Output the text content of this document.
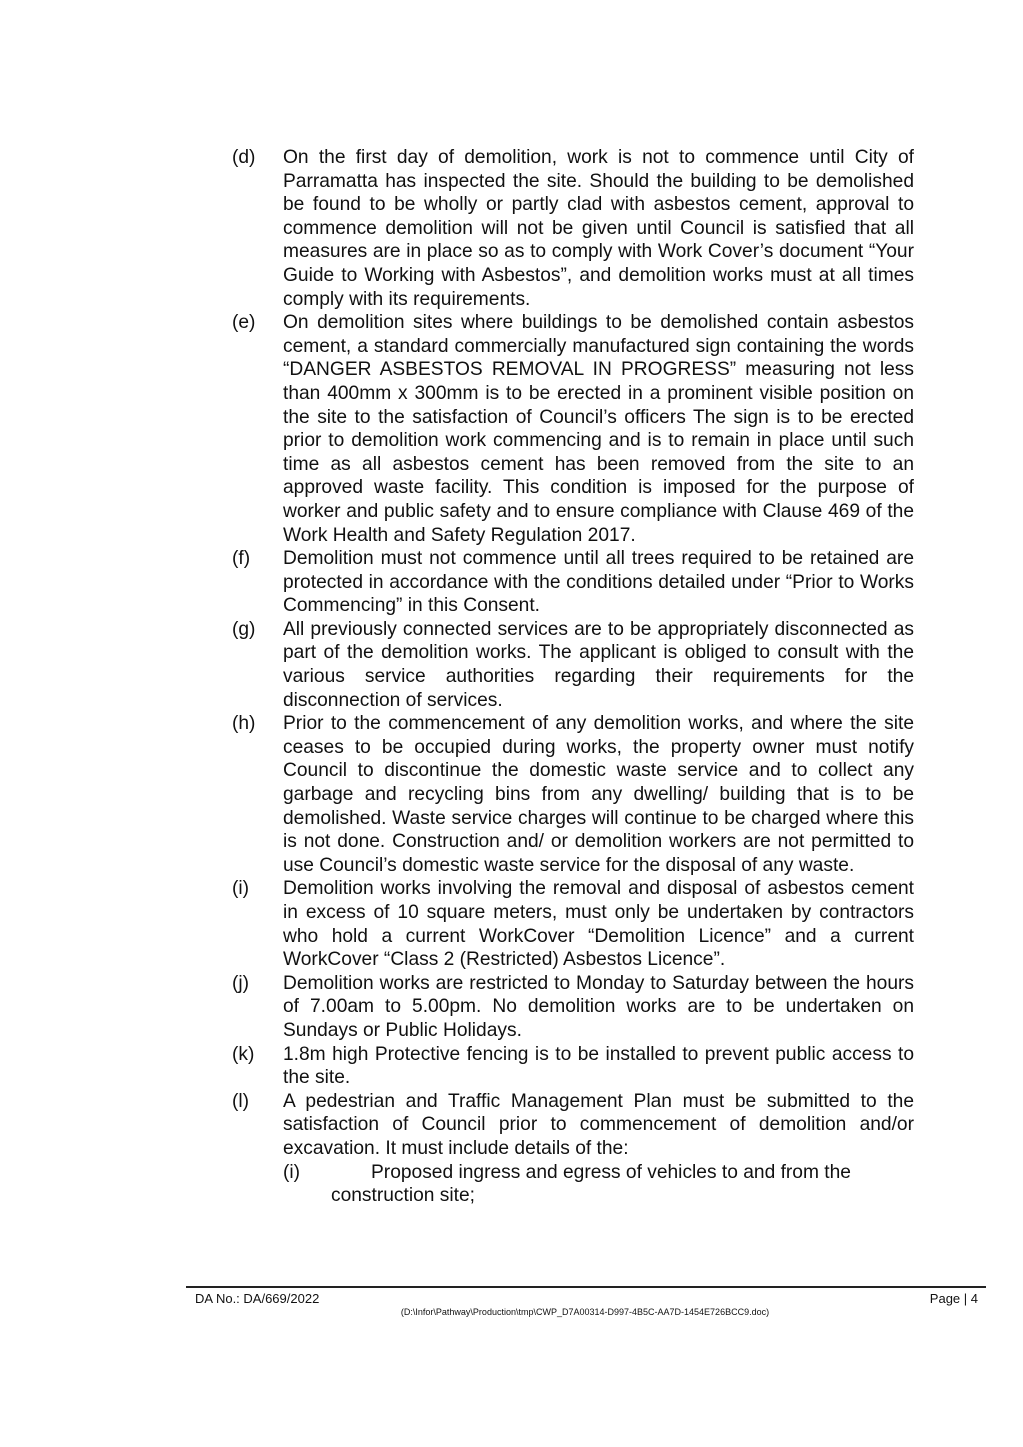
(d)	On the first day of demolition, work is not to commence until City of Parramatta has inspected the site. Should the building to be demolished be found to be wholly or partly clad with asbestos cement, approval to commence demolition will not be given until Council is satisfied that all measures are in place so as to comply with Work Cover’s document “Your Guide to Working with Asbestos”, and demolition works must at all times comply with its requirements.
(e)	On demolition sites where buildings to be demolished contain asbestos cement, a standard commercially manufactured sign containing the words “DANGER ASBESTOS REMOVAL IN PROGRESS” measuring not less than 400mm x 300mm is to be erected in a prominent visible position on the site to the satisfaction of Council’s officers The sign is to be erected prior to demolition work commencing and is to remain in place until such time as all asbestos cement has been removed from the site to an approved waste facility. This condition is imposed for the purpose of worker and public safety and to ensure compliance with Clause 469 of the Work Health and Safety Regulation 2017.
(f)	Demolition must not commence until all trees required to be retained are protected in accordance with the conditions detailed under “Prior to Works Commencing” in this Consent.
(g)	All previously connected services are to be appropriately disconnected as part of the demolition works. The applicant is obliged to consult with the various service authorities regarding their requirements for the disconnection of services.
(h)	Prior to the commencement of any demolition works, and where the site ceases to be occupied during works, the property owner must notify Council to discontinue the domestic waste service and to collect any garbage and recycling bins from any dwelling/ building that is to be demolished. Waste service charges will continue to be charged where this is not done. Construction and/ or demolition workers are not permitted to use Council’s domestic waste service for the disposal of any waste.
(i)	Demolition works involving the removal and disposal of asbestos cement in excess of 10 square meters, must only be undertaken by contractors who hold a current WorkCover “Demolition Licence” and a current WorkCover “Class 2 (Restricted) Asbestos Licence”.
(j)	Demolition works are restricted to Monday to Saturday between the hours of 7.00am to 5.00pm. No demolition works are to be undertaken on Sundays or Public Holidays.
(k)	1.8m high Protective fencing is to be installed to prevent public access to the site.
(l)	A pedestrian and Traffic Management Plan must be submitted to the satisfaction of Council prior to commencement of demolition and/or excavation. It must include details of the:
(i)	Proposed ingress and egress of vehicles to and from the
construction site;
DA No.: DA/669/2022	Page | 4
(D:\Infor\Pathway\Production\tmp\CWP_D7A00314-D997-4B5C-AA7D-1454E726BCC9.doc)
